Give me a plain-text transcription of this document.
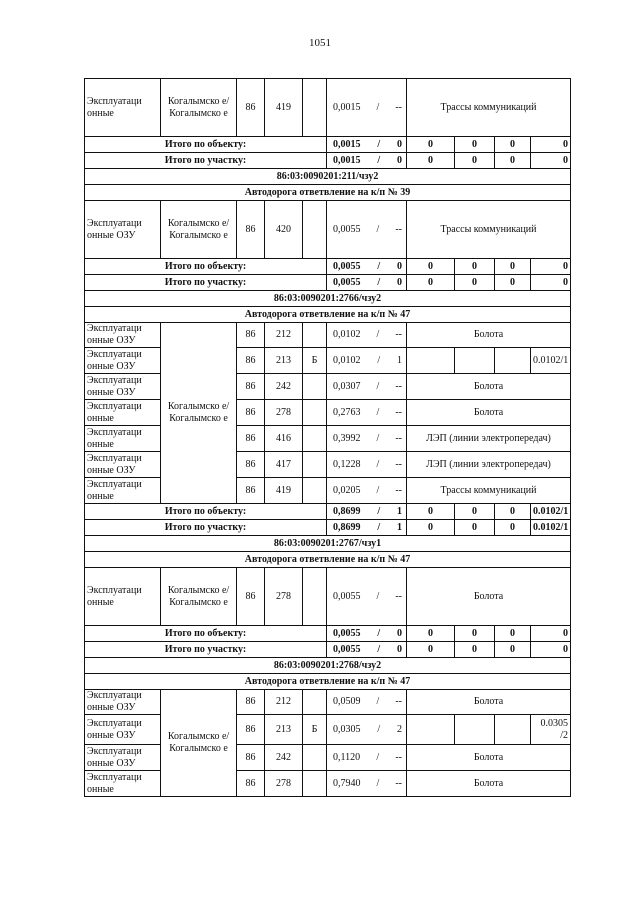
1051
Эксплуатаци онные	Когалымско е/ Когалымско е	86	419		0,0015 / --	Трассы коммуникаций			
Итого по объекту:					0,0015 / 0	0	0	0	0
Итого по участку:					0,0015 / 0	0	0	0	0
86:03:0090201:211/чзу2									
Автодорога ответвление на к/п № 39									
Эксплуатаци онные ОЗУ	Когалымско е/ Когалымско е	86	420		0,0055 / --	Трассы коммуникаций			
Итого по объекту:					0,0055 / 0	0	0	0	0
Итого по участку:					0,0055 / 0	0	0	0	0
86:03:0090201:2766/чзу2									
Автодорога ответвление на к/п № 47									
Эксплуатаци онные ОЗУ	Когалымско е/ Когалымско е	86	212		0,0102 / --	Болота			
Эксплуатаци онные ОЗУ		86	213	Б	0,0102 / 1				0.0102/1
Эксплуатаци онные ОЗУ		86	242		0,0307 / --	Болота			
Эксплуатаци онные		86	278		0,2763 / --	Болота			
Эксплуатаци онные		86	416		0,3992 / --	ЛЭП (линии электропередач)			
Эксплуатаци онные ОЗУ		86	417		0,1228 / --	ЛЭП (линии электропередач)			
Эксплуатаци онные		86	419		0,0205 / --	Трассы коммуникаций			
Итого по объекту:					0,8699 / 1	0	0	0	0.0102/1
Итого по участку:					0,8699 / 1	0	0	0	0.0102/1
86:03:0090201:2767/чзу1									
Автодорога ответвление на к/п № 47									
Эксплуатаци онные	Когалымско е/ Когалымско е	86	278		0,0055 / --	Болота			
Итого по объекту:					0,0055 / 0	0	0	0	0
Итого по участку:					0,0055 / 0	0	0	0	0
86:03:0090201:2768/чзу2									
Автодорога ответвление на к/п № 47									
Эксплуатаци онные ОЗУ	Когалымско е/ Когалымско е	86	212		0,0509 / --	Болота			
Эксплуатаци онные ОЗУ		86	213	Б	0,0305 / 2				0.0305 /2
Эксплуатаци онные ОЗУ		86	242		0,1120 / --	Болота			
Эксплуатаци онные		86	278		0,7940 / --	Болота			
